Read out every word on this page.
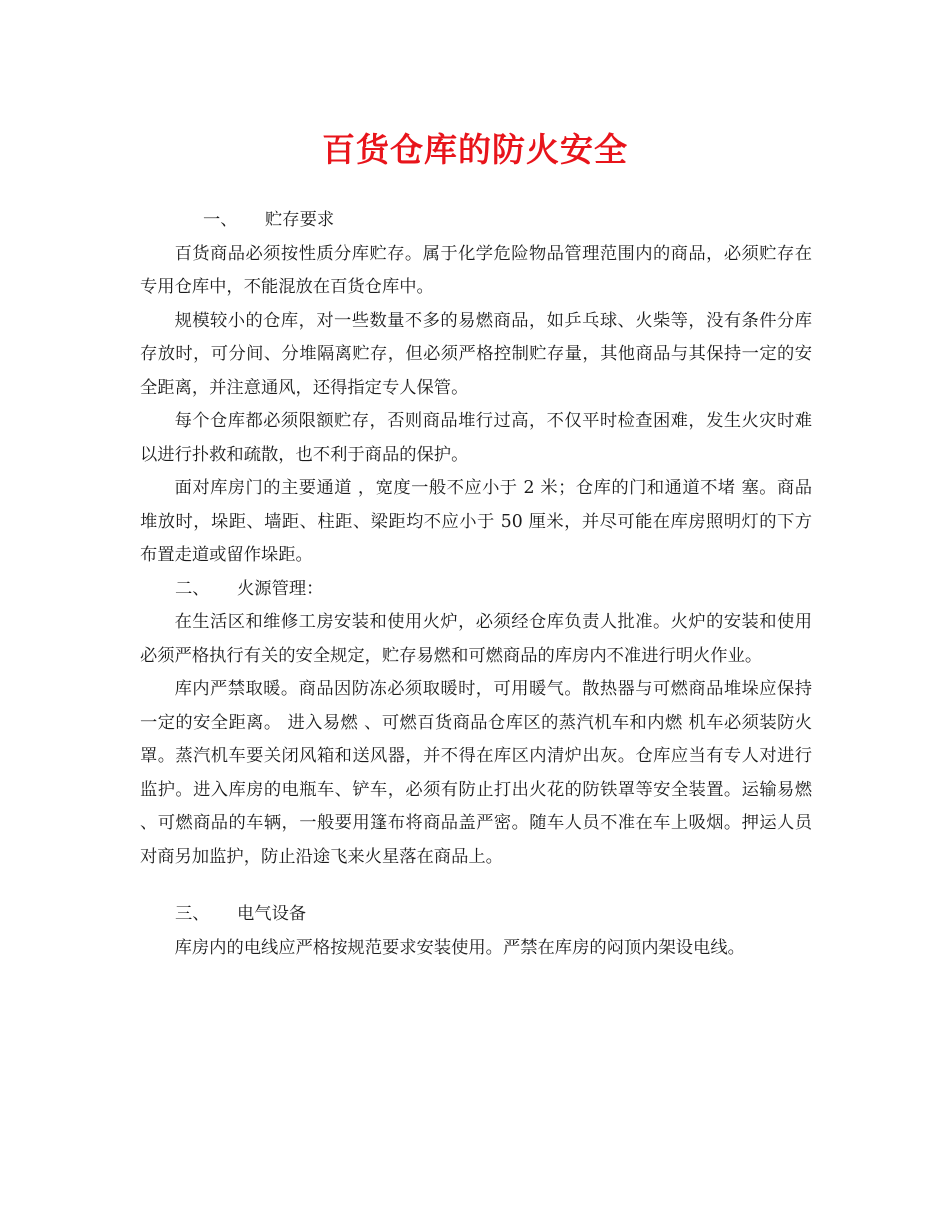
百货仓库的防火安全
一、 贮存要求

百货商品必须按性质分库贮存。属于化学危险物品管理范围内的商品，必须贮存在专用仓库中，不能混放在百货仓库中。

规模较小的仓库，对一些数量不多的易燃商品，如乒乓球、火柴等，没有条件分库存放时，可分间、分堆隔离贮存，但必须严格控制贮存量，其他商品与其保持一定的安全距离，并注意通风，还得指定专人保管。

每个仓库都必须限额贮存，否则商品堆行过高，不仅平时检查困难，发生火灾时难以进行扑救和疏散，也不利于商品的保护。

面对库房门的主要通道 ，宽度一般不应小于 2 米；仓库的门和通道不堵 塞。商品堆放时，垛距、墙距、柱距、梁距均不应小于 50 厘米，并尽可能在库房照明灯的下方布置走道或留作垛距。

二、 火源管理：

在生活区和维修工房安装和使用火炉，必须经仓库负责人批准。火炉的安装和使用必须严格执行有关的安全规定，贮存易燃和可燃商品的库房内不准进行明火作业。

库内严禁取暖。商品因防冻必须取暖时，可用暖气。散热器与可燃商品堆垛应保持一定的安全距离。 进入易燃 、可燃百货商品仓库区的蒸汽机车和内燃 机车必须装防火罩。蒸汽机车要关闭风箱和送风器，并不得在库区内清炉出灰。仓库应当有专人对进行监护。进入库房的电瓶车、铲车，必须有防止打出火花的防铁罩等安全装置。运输易燃 、可燃商品的车辆，一般要用篷布将商品盖严密。随车人员不准在车上吸烟。押运人员对商另加监护，防止沿途飞来火星落在商品上。

三、 电气设备

库房内的电线应严格按规范要求安装使用。严禁在库房的闷顶内架设电线。
